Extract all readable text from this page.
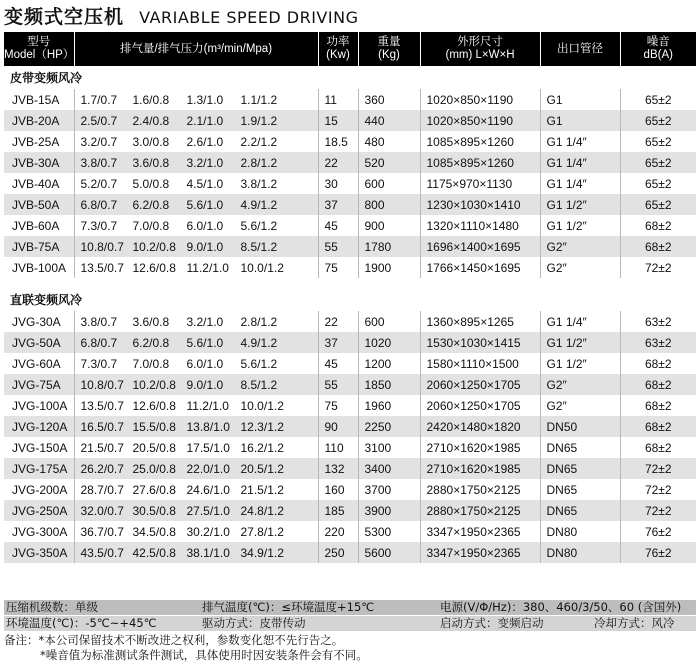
变频式空压机 VARIABLE SPEED DRIVING
型号
Model（HP）	排气量/排气压力(m³/min/Mpa)	功率
(Kw)	重量
(Kg)	外形尺寸
(mm) L×W×H	出口管径	噪音
dB(A)
皮带变频风冷						
JVB-15A	1.7/0.7 1.6/0.8 1.3/1.0 1.1/1.2	11	360	1020×850×1190	G1	65±2
JVB-20A	2.5/0.7 2.4/0.8 2.1/1.0 1.9/1.2	15	440	1020×850×1190	G1	65±2
JVB-25A	3.2/0.7 3.0/0.8 2.6/1.0 2.2/1.2	18.5	480	1085×895×1260	G1 1/4″	65±2
JVB-30A	3.8/0.7 3.6/0.8 3.2/1.0 2.8/1.2	22	520	1085×895×1260	G1 1/4″	65±2
JVB-40A	5.2/0.7 5.0/0.8 4.5/1.0 3.8/1.2	30	600	1175×970×1130	G1 1/4″	65±2
JVB-50A	6.8/0.7 6.2/0.8 5.6/1.0 4.9/1.2	37	800	1230×1030×1410	G1 1/2″	65±2
JVB-60A	7.3/0.7 7.0/0.8 6.0/1.0 5.6/1.2	45	900	1320×1110×1480	G1 1/2″	68±2
JVB-75A	10.8/0.7 10.2/0.8 9.0/1.0 8.5/1.2	55	1780	1696×1400×1695	G2″	68±2
JVB-100A	13.5/0.7 12.6/0.8 11.2/1.0 10.0/1.2	75	1900	1766×1450×1695	G2″	72±2

直联变频风冷						
JVG-30A	3.8/0.7 3.6/0.8 3.2/1.0 2.8/1.2	22	600	1360×895×1265	G1 1/4″	63±2
JVG-50A	6.8/0.7 6.2/0.8 5.6/1.0 4.9/1.2	37	1020	1530×1030×1415	G1 1/2″	63±2
JVG-60A	7.3/0.7 7.0/0.8 6.0/1.0 5.6/1.2	45	1200	1580×1110×1500	G1 1/2″	68±2
JVG-75A	10.8/0.7 10.2/0.8 9.0/1.0 8.5/1.2	55	1850	2060×1250×1705	G2″	68±2
JVG-100A	13.5/0.7 12.6/0.8 11.2/1.0 10.0/1.2	75	1960	2060×1250×1705	G2″	68±2
JVG-120A	16.5/0.7 15.5/0.8 13.8/1.0 12.3/1.2	90	2250	2420×1480×1820	DN50	68±2
JVG-150A	21.5/0.7 20.5/0.8 17.5/1.0 16.2/1.2	110	3100	2710×1620×1985	DN65	68±2
JVG-175A	26.2/0.7 25.0/0.8 22.0/1.0 20.5/1.2	132	3400	2710×1620×1985	DN65	72±2
JVG-200A	28.7/0.7 27.6/0.8 24.6/1.0 21.5/1.2	160	3700	2880×1750×2125	DN65	72±2
JVG-250A	32.0/0.7 30.5/0.8 27.5/1.0 24.8/1.2	185	3900	2880×1750×2125	DN65	72±2
JVG-300A	36.7/0.7 34.5/0.8 30.2/1.0 27.8/1.2	220	5300	3347×1950×2365	DN80	76±2
JVG-350A	43.5/0.7 42.5/0.8 38.1/1.0 34.9/1.2	250	5600	3347×1950×2365	DN80	76±2
压缩机级数：单级	排气温度(℃)：≤环境温度+15℃	电源(V/Φ/Hz)：380、460/3/50、60 (含国外)
环境温度(℃)：-5℃~+45℃	驱动方式：皮带传动	启动方式：变频启动	冷却方式：风冷
备注：*本公司保留技术不断改进之权利，参数变化恕不先行告之。
*噪音值为标准测试条件测试，具体使用时因安装条件会有不同。
